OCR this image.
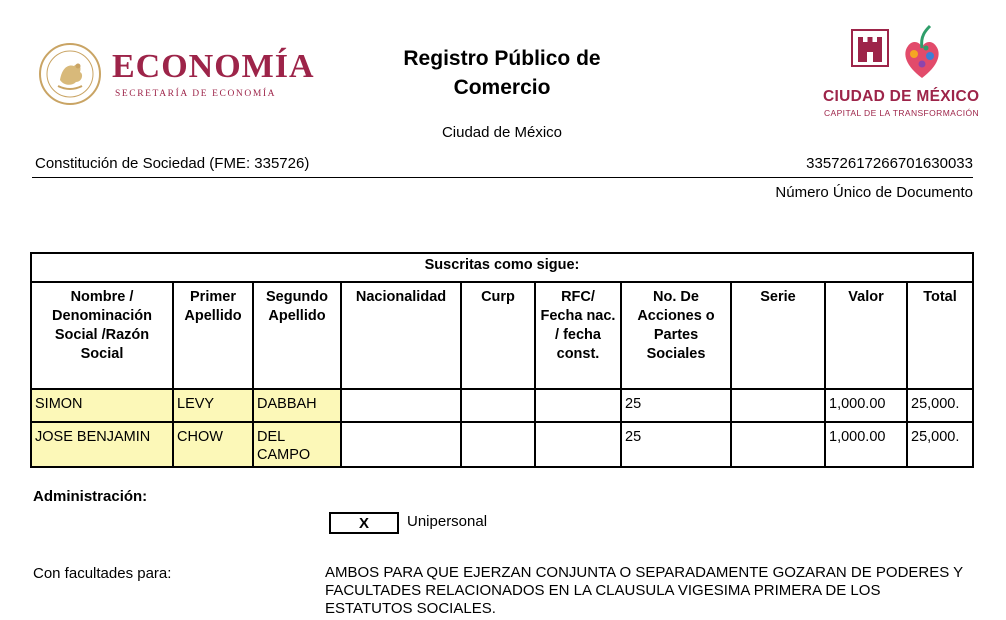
ECONOMÍA
SECRETARÍA DE ECONOMÍA
Registro Público de
Comercio
Ciudad de México
CIUDAD DE MÉXICO
CAPITAL DE LA TRANSFORMACIÓN
Constitución de Sociedad (FME: 335726)	33572617266701630033
Número Único de Documento
Suscritas como sigue:									
Nombre / Denominación Social /Razón Social	Primer Apellido	Segundo Apellido	Nacionalidad	Curp	RFC/ Fecha nac. / fecha const.	No. De Acciones o Partes Sociales	Serie	Valor	Total
SIMON	LEVY	DABBAH				25		1,000.00	25,000.
JOSE BENJAMIN	CHOW	DEL CAMPO				25		1,000.00	25,000.
Administración:
X	Unipersonal
Con facultades para:	AMBOS PARA QUE EJERZAN CONJUNTA O SEPARADAMENTE GOZARAN DE PODERES Y FACULTADES RELACIONADOS EN LA CLAUSULA VIGESIMA PRIMERA DE LOS ESTATUTOS SOCIALES.
